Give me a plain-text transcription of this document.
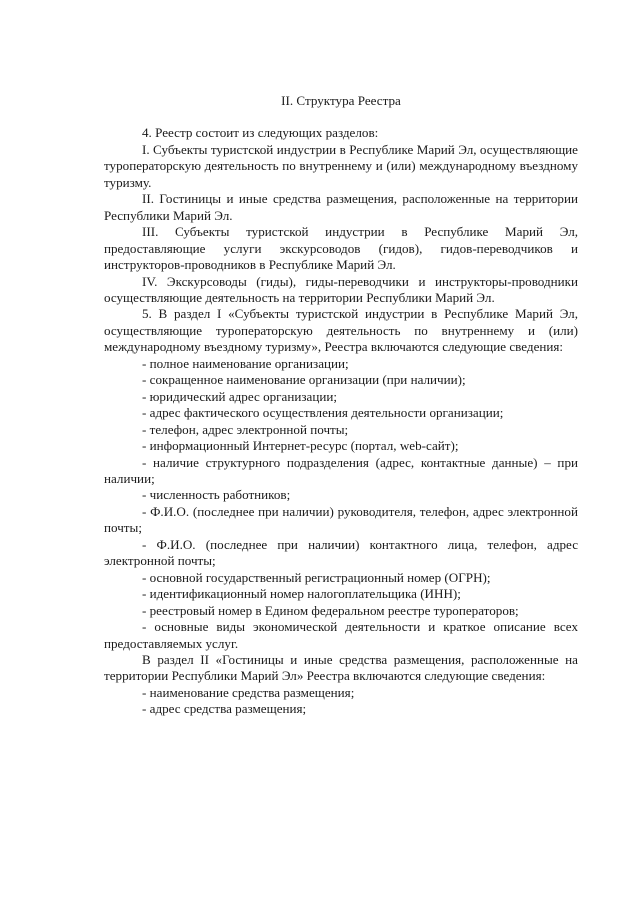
II. Структура Реестра

4. Реестр состоит из следующих разделов:

I. Субъекты туристской индустрии в Республике Марий Эл, осуществляющие туроператорскую деятельность по внутреннему и (или) международному въездному туризму.

II. Гостиницы и иные средства размещения, расположенные на территории Республики Марий Эл.

III. Субъекты туристской индустрии в Республике Марий Эл, предоставляющие услуги экскурсоводов (гидов), гидов-переводчиков и инструкторов-проводников в Республике Марий Эл.

IV. Экскурсоводы (гиды), гиды-переводчики и инструкторы-проводники осуществляющие деятельность на территории Республики Марий Эл.

5. В раздел I «Субъекты туристской индустрии в Республике Марий Эл, осуществляющие туроператорскую деятельность по внутреннему и (или) международному въездному туризму», Реестра включаются следующие сведения:

- полное наименование организации;

- сокращенное наименование организации (при наличии);

- юридический адрес организации;

- адрес фактического осуществления деятельности организации;

- телефон, адрес электронной почты;

- информационный Интернет-ресурс (портал, web-сайт);

- наличие структурного подразделения (адрес, контактные данные) – при наличии;

- численность работников;

- Ф.И.О. (последнее при наличии) руководителя, телефон, адрес электронной почты;

- Ф.И.О. (последнее при наличии) контактного лица, телефон, адрес электронной почты;

- основной государственный регистрационный номер (ОГРН);

- идентификационный номер налогоплательщика (ИНН);

- реестровый номер в Едином федеральном реестре туроператоров;

- основные виды экономической деятельности и краткое описание всех предоставляемых услуг.

В раздел II «Гостиницы и иные средства размещения, расположенные на территории Республики Марий Эл» Реестра включаются следующие сведения:

- наименование средства размещения;

- адрес средства размещения;
